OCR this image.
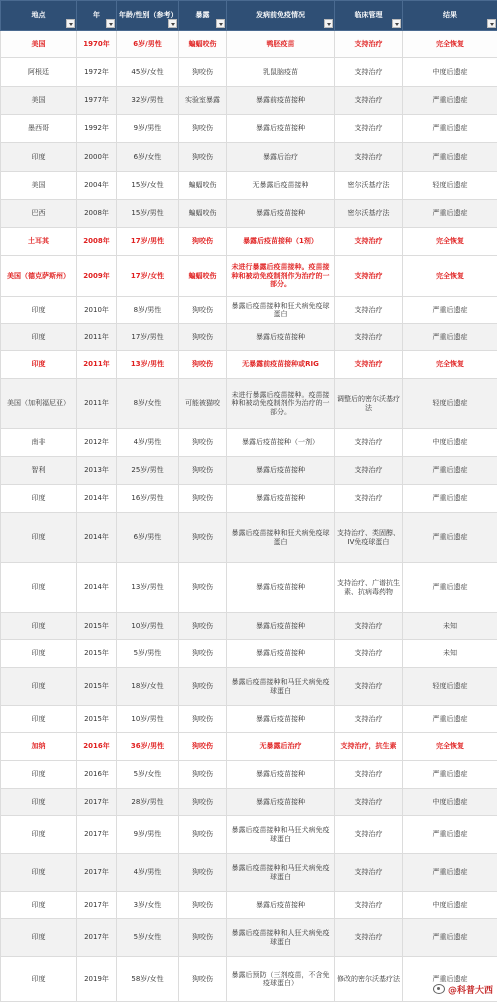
地点	年	年龄/性别（参考）	暴露	发病前免疫情况	临床管理	结果

美国	1970年	6岁/男性	蝙蝠咬伤	鸭胚疫苗	支持治疗	完全恢复
阿根廷	1972年	45岁/女性	狗咬伤	乳鼠脑疫苗	支持治疗	中度后遗症
美国	1977年	32岁/男性	实验室暴露	暴露前疫苗接种	支持治疗	严重后遗症
墨西哥	1992年	9岁/男性	狗咬伤	暴露后疫苗接种	支持治疗	严重后遗症
印度	2000年	6岁/女性	狗咬伤	暴露后治疗	支持治疗	严重后遗症
美国	2004年	15岁/女性	蝙蝠咬伤	无暴露后疫苗接种	密尔沃基疗法	轻度后遗症
巴西	2008年	15岁/男性	蝙蝠咬伤	暴露后疫苗接种	密尔沃基疗法	严重后遗症
土耳其	2008年	17岁/男性	狗咬伤	暴露后疫苗接种（1剂）	支持治疗	完全恢复
美国（德克萨斯州）	2009年	17岁/女性	蝙蝠咬伤	未进行暴露后疫苗接种。疫苗接种和被动免疫制剂作为治疗的一部分。	支持治疗	完全恢复
印度	2010年	8岁/男性	狗咬伤	暴露后疫苗接种和狂犬病免疫球蛋白	支持治疗	严重后遗症
印度	2011年	17岁/男性	狗咬伤	暴露后疫苗接种	支持治疗	严重后遗症
印度	2011年	13岁/男性	狗咬伤	无暴露前疫苗接种或RIG	支持治疗	完全恢复
美国（加利福尼亚）	2011年	8岁/女性	可能被猫咬	未进行暴露后疫苗接种。疫苗接种和被动免疫制剂作为治疗的一部分。	调整后的密尔沃基疗法	轻度后遗症
南非	2012年	4岁/男性	狗咬伤	暴露后疫苗接种（一剂）	支持治疗	中度后遗症
智利	2013年	25岁/男性	狗咬伤	暴露后疫苗接种	支持治疗	严重后遗症
印度	2014年	16岁/男性	狗咬伤	暴露后疫苗接种	支持治疗	严重后遗症
印度	2014年	6岁/男性	狗咬伤	暴露后疫苗接种和狂犬病免疫球蛋白	支持治疗、类固醇、IV免疫球蛋白	严重后遗症
印度	2014年	13岁/男性	狗咬伤	暴露后疫苗接种	支持治疗、广谱抗生素、抗病毒药物	严重后遗症
印度	2015年	10岁/男性	狗咬伤	暴露后疫苗接种	支持治疗	未知
印度	2015年	5岁/男性	狗咬伤	暴露后疫苗接种	支持治疗	未知
印度	2015年	18岁/女性	狗咬伤	暴露后疫苗接种和马狂犬病免疫球蛋白	支持治疗	轻度后遗症
印度	2015年	10岁/男性	狗咬伤	暴露后疫苗接种	支持治疗	严重后遗症
加纳	2016年	36岁/男性	狗咬伤	无暴露后治疗	支持治疗，抗生素	完全恢复
印度	2016年	5岁/女性	狗咬伤	暴露后疫苗接种	支持治疗	严重后遗症
印度	2017年	28岁/男性	狗咬伤	暴露后疫苗接种	支持治疗	中度后遗症
印度	2017年	9岁/男性	狗咬伤	暴露后疫苗接种和马狂犬病免疫球蛋白	支持治疗	严重后遗症
印度	2017年	4岁/男性	狗咬伤	暴露后疫苗接种和马狂犬病免疫球蛋白	支持治疗	严重后遗症
印度	2017年	3岁/女性	狗咬伤	暴露后疫苗接种	支持治疗	中度后遗症
印度	2017年	5岁/女性	狗咬伤	暴露后疫苗接种和人狂犬病免疫球蛋白	支持治疗	严重后遗症
印度	2019年	58岁/女性	狗咬伤	暴露后预防（三剂疫苗，不含免疫球蛋白）	修改的密尔沃基疗法	严重后遗症
@科普大西
